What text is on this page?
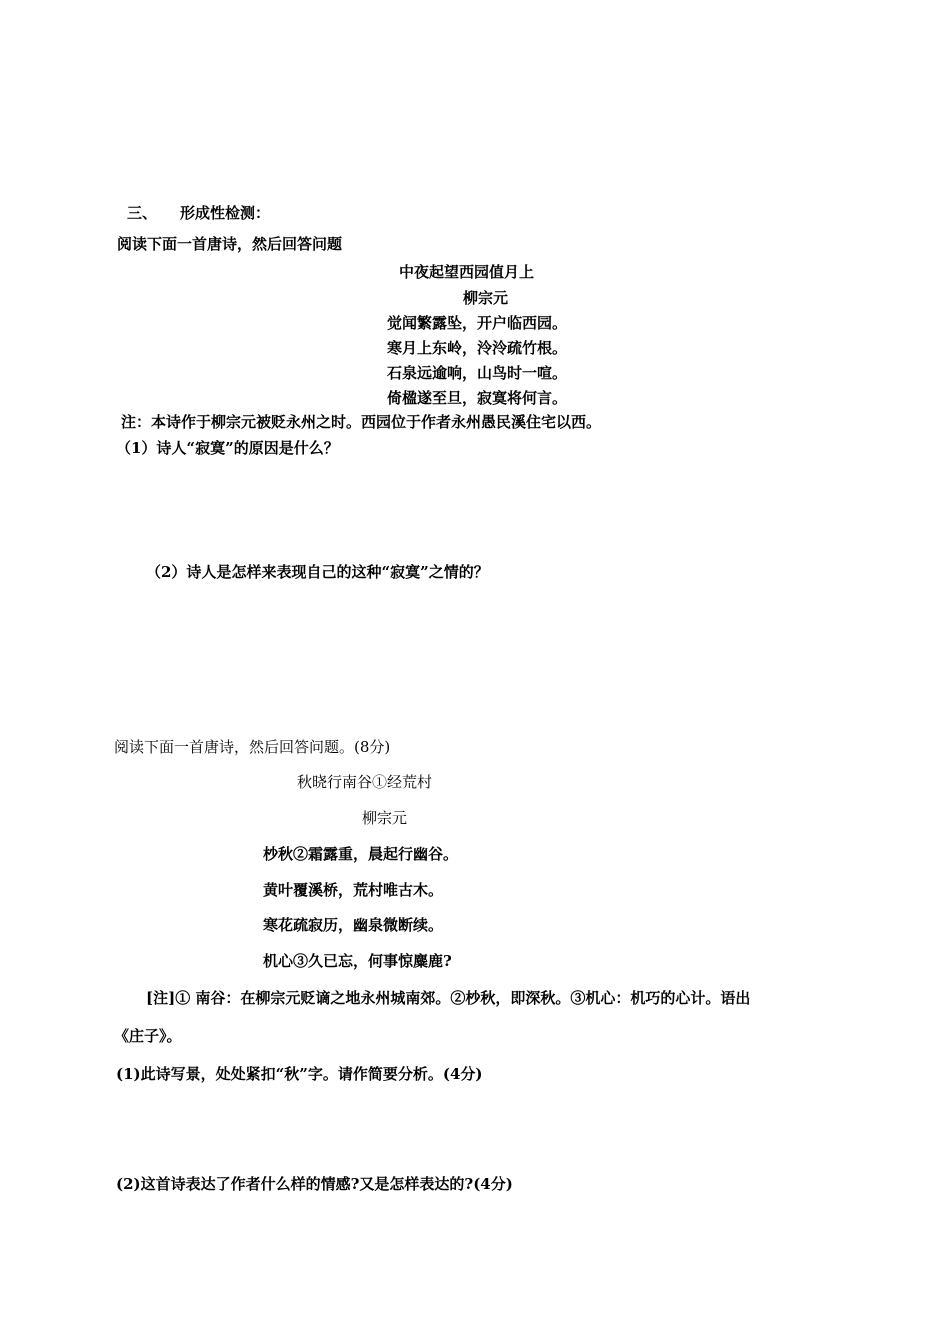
三、 形成性检测：
阅读下面一首唐诗，然后回答问题
中夜起望西园值月上
柳宗元
觉闻繁露坠，开户临西园。
寒月上东岭，泠泠疏竹根。
石泉远逾响，山鸟时一喧。
倚楹遂至旦，寂寞将何言。
注：本诗作于柳宗元被贬永州之时。西园位于作者永州愚民溪住宅以西。
（1）诗人“寂寞”的原因是什么？
（2）诗人是怎样来表现自己的这种“寂寞”之情的？
阅读下面一首唐诗，然后回答问题。(8分)
秋晓行南谷①经荒村
柳宗元
杪秋②霜露重，晨起行幽谷。
黄叶覆溪桥，荒村唯古木。
寒花疏寂历，幽泉微断续。
机心③久已忘，何事惊麋鹿?
[注]① 南谷：在柳宗元贬谪之地永州城南郊。②杪秋，即深秋。③机心：机巧的心计。语出
《庄子》。
(1)此诗写景，处处紧扣“秋”字。请作简要分析。(4分)
(2)这首诗表达了作者什么样的情感?又是怎样表达的?(4分)
